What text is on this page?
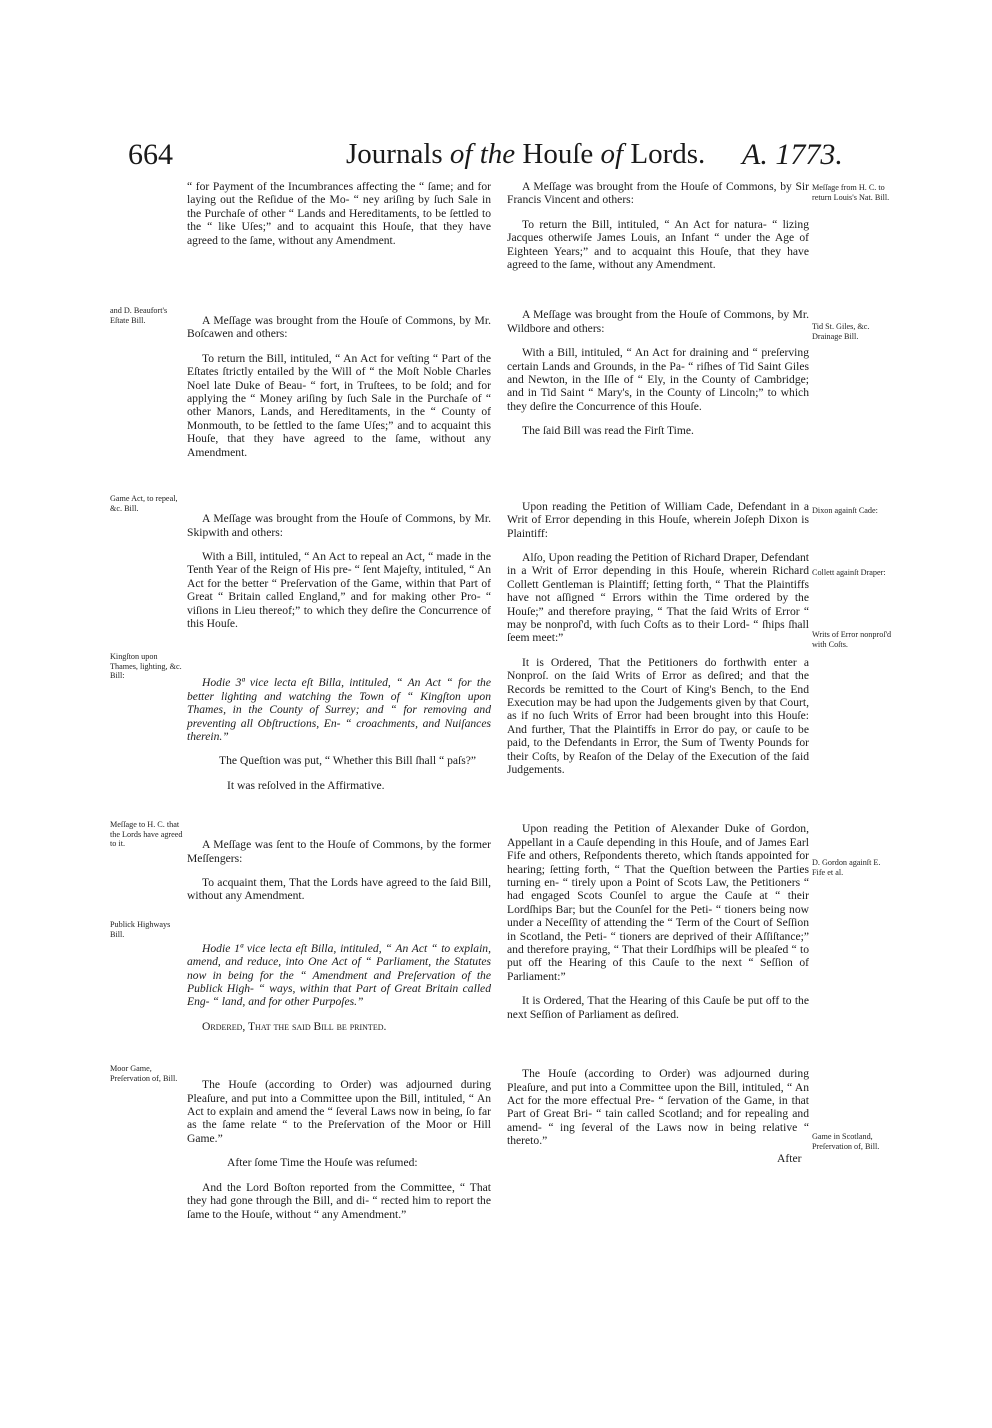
664	Journals of the Houſe of Lords. A. 1773.

“ for Payment of the Incumbrances affecting the “ ſame; and for laying out the Reſidue of the Mo- “ ney ariſing by ſuch Sale in the Purchaſe of other “ Lands and Hereditaments, to be ſettled to the “ like Uſes;” and to acquaint this Houſe, that they have agreed to the ſame, without any Amendment.

A Meſſage was brought from the Houſe of Commons, by Mr. Boſcawen and others:

To return the Bill, intituled, “ An Act for veſting “ Part of the Eſtates ſtrictly entailed by the Will of “ the Moſt Noble Charles Noel late Duke of Beau- “ fort, in Truſtees, to be ſold; and for applying the “ Money ariſing by ſuch Sale in the Purchaſe of “ other Manors, Lands, and Hereditaments, in the “ County of Monmouth, to be ſettled to the ſame Uſes;” and to acquaint this Houſe, that they have agreed to the ſame, without any Amendment.

A Meſſage was brought from the Houſe of Commons, by Mr. Skipwith and others:

With a Bill, intituled, “ An Act to repeal an Act, “ made in the Tenth Year of the Reign of His pre- “ ſent Majeſty, intituled, “ An Act for the better “ Preſervation of the Game, within that Part of Great “ Britain called England,” and for making other Pro- “ viſions in Lieu thereof;” to which they deſire the Concurrence of this Houſe.

Hodie 3ª vice lecta eſt Billa, intituled, “ An Act “ for the better lighting and watching the Town of “ Kingſton upon Thames, in the County of Surrey; and “ for removing and preventing all Obſtructions, En- “ croachments, and Nuiſances therein.”

The Queſtion was put, “ Whether this Bill ſhall “ paſs?”

It was reſolved in the Affirmative.

A Meſſage was ſent to the Houſe of Commons, by the former Meſſengers:

To acquaint them, That the Lords have agreed to the ſaid Bill, without any Amendment.

Hodie 1ª vice lecta eſt Billa, intituled, “ An Act “ to explain, amend, and reduce, into One Act of “ Parliament, the Statutes now in being for the “ Amendment and Preſervation of the Publick High- “ ways, within that Part of Great Britain called Eng- “ land, and for other Purpoſes.”

Ordered, That the ſaid Bill be printed.

The Houſe (according to Order) was adjourned during Pleaſure, and put into a Committee upon the Bill, intituled, “ An Act to explain and amend the “ ſeveral Laws now in being, ſo far as the ſame relate “ to the Preſervation of the Moor or Hill Game.”

After ſome Time the Houſe was reſumed:

And the Lord Boſton reported from the Committee, “ That they had gone through the Bill, and di- “ rected him to report the ſame to the Houſe, without “ any Amendment.”

and D. Beaufort's Eſtate Bill.
Game Act, to repeal, &c. Bill.
Kingſton upon Thames, lighting, &c. Bill:
Meſſage to H. C. that the Lords have agreed to it.
Publick Highways Bill.
Moor Game, Preſervation of, Bill.

A Meſſage was brought from the Houſe of Commons, by Sir Francis Vincent and others:

To return the Bill, intituled, “ An Act for natura- “ lizing Jacques otherwiſe James Louis, an Infant “ under the Age of Eighteen Years;” and to acquaint this Houſe, that they have agreed to the ſame, without any Amendment.

A Meſſage was brought from the Houſe of Commons, by Mr. Wildbore and others:

With a Bill, intituled, “ An Act for draining and “ preſerving certain Lands and Grounds, in the Pa- “ riſhes of Tid Saint Giles and Newton, in the Iſle of “ Ely, in the County of Cambridge; and in Tid Saint “ Mary's, in the County of Lincoln;” to which they deſire the Concurrence of this Houſe.

The ſaid Bill was read the Firſt Time.

Upon reading the Petition of William Cade, Defendant in a Writ of Error depending in this Houſe, wherein Joſeph Dixon is Plaintiff:

Alſo, Upon reading the Petition of Richard Draper, Defendant in a Writ of Error depending in this Houſe, wherein Richard Collett Gentleman is Plaintiff; ſetting forth, “ That the Plaintiffs have not aſſigned “ Errors within the Time ordered by the Houſe;” and therefore praying, “ That the ſaid Writs of Error “ may be nonproſ'd, with ſuch Coſts as to their Lord- “ ſhips ſhall ſeem meet:”

It is Ordered, That the Petitioners do forthwith enter a Nonproſ. on the ſaid Writs of Error as deſired; and that the Records be remitted to the Court of King's Bench, to the End Execution may be had upon the Judgements given by that Court, as if no ſuch Writs of Error had been brought into this Houſe: And further, That the Plaintiffs in Error do pay, or cauſe to be paid, to the Defendants in Error, the Sum of Twenty Pounds for their Coſts, by Reaſon of the Delay of the Execution of the ſaid Judgements.

Upon reading the Petition of Alexander Duke of Gordon, Appellant in a Cauſe depending in this Houſe, and of James Earl Fife and others, Reſpondents thereto, which ſtands appointed for hearing; ſetting forth, “ That the Queſtion between the Parties turning en- “ tirely upon a Point of Scots Law, the Petitioners “ had engaged Scots Counſel to argue the Cauſe at “ their Lordſhips Bar; but the Counſel for the Peti- “ tioners being now under a Neceſſity of attending the “ Term of the Court of Seſſion in Scotland, the Peti- “ tioners are deprived of their Aſſiſtance;” and therefore praying, “ That their Lordſhips will be pleaſed “ to put off the Hearing of this Cauſe to the next “ Seſſion of Parliament:”

It is Ordered, That the Hearing of this Cauſe be put off to the next Seſſion of Parliament as deſired.

The Houſe (according to Order) was adjourned during Pleaſure, and put into a Committee upon the Bill, intituled, “ An Act for the more effectual Pre- “ ſervation of the Game, in that Part of Great Bri- “ tain called Scotland; and for repealing and amend- “ ing ſeveral of the Laws now in being relative “ thereto.”

After

Meſſage from H. C. to return Louis's Nat. Bill.
Tid St. Giles, &c. Drainage Bill.
Dixon againſt Cade:
Collett againſt Draper:
Writs of Error nonproſ'd with Coſts.
D. Gordon againſt E. Fife et al.
Game in Scotland, Preſervation of, Bill.
